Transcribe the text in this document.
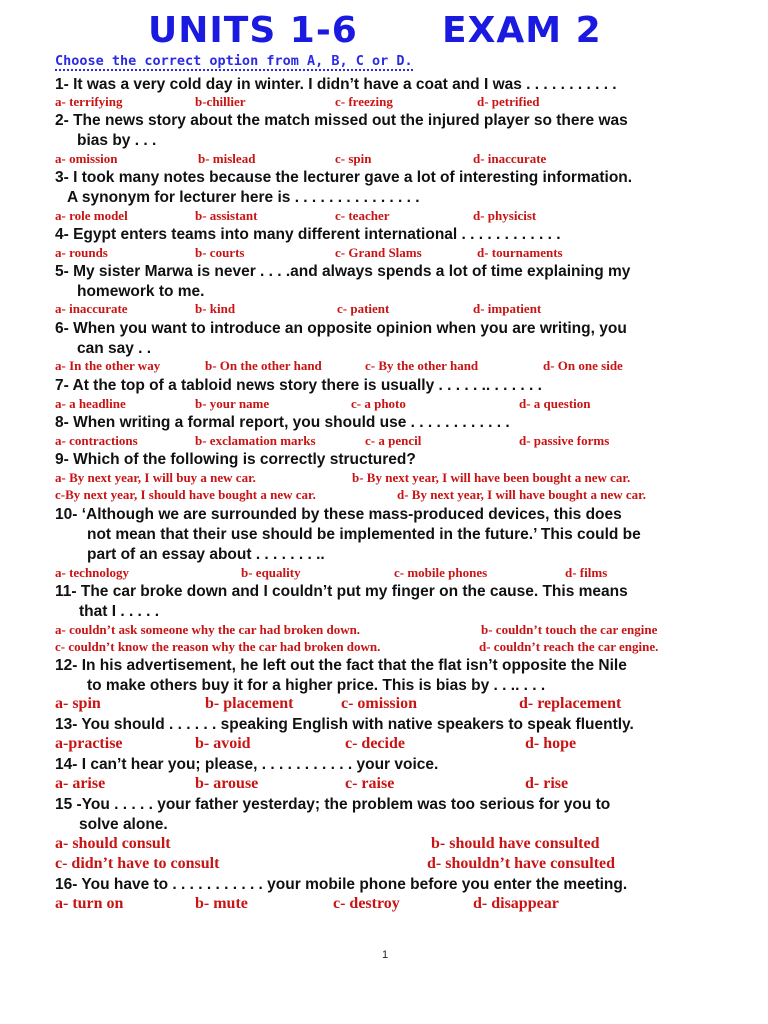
UNITS 1-6 EXAM 2
Choose the correct option from A, B, C or D.
1- It was a very cold day in winter. I didn’t have a coat and I was . . . . . . . . . . .
a- terrifying	b-chillier	c- freezing	d- petrified
2- The news story about the match missed out the injured player so there was
bias by . . .
a- omission	b- mislead	c- spin	d- inaccurate
3- I took many notes because the lecturer gave a lot of interesting information.
A synonym for lecturer here is . . . . . . . . . . . . . . .
a- role model	b- assistant	c- teacher	d- physicist
4- Egypt enters teams into many different international . . . . . . . . . . . .
a- rounds	b- courts	c- Grand Slams	d- tournaments
5- My sister Marwa is never . . . .and always spends a lot of time explaining my
homework to me.
a- inaccurate	b- kind	c- patient	d- impatient
6- When you want to introduce an opposite opinion when you are writing, you
can say . .
a- In the other way	b- On the other hand	c- By the other hand	d- On one side
7- At the top of a tabloid news story there is usually . . . . . .. . . . . . .
a- a headline	b- your name	c- a photo	d- a question
8- When writing a formal report, you should use . . . . . . . . . . . .
a- contractions	b- exclamation marks	c- a pencil	d- passive forms
9- Which of the following is correctly structured?
a- By next year, I will buy a new car.	b- By next year, I will have been bought a new car.
c-By next year, I should have bought a new car.	d- By next year, I will have bought a new car.
10- ‘Although we are surrounded by these mass-produced devices, this does
not mean that their use should be implemented in the future.’ This could be
part of an essay about . . . . . . . ..
a- technology	b- equality	c- mobile phones	d- films
11- The car broke down and I couldn’t put my finger on the cause. This means
that I . . . . .
a- couldn’t ask someone why the car had broken down.	b- couldn’t touch the car engine
c- couldn’t know the reason why the car had broken down.	d- couldn’t reach the car engine.
12- In his advertisement, he left out the fact that the flat isn’t opposite the Nile
to make others buy it for a higher price. This is bias by . . .. . . .
a- spin	b- placement	c- omission	d- replacement
13- You should . . . . . . speaking English with native speakers to speak fluently.
a-practise	b- avoid	c- decide	d- hope
14- I can’t hear you; please, . . . . . . . . . . . your voice.
a- arise	b- arouse	c- raise	d- rise
15 -You . . . . . your father yesterday; the problem was too serious for you to
solve alone.
a- should consult	b- should have consulted
c- didn’t have to consult	d- shouldn’t have consulted
16- You have to . . . . . . . . . . . your mobile phone before you enter the meeting.
a- turn on	b- mute	c- destroy	d- disappear
1
